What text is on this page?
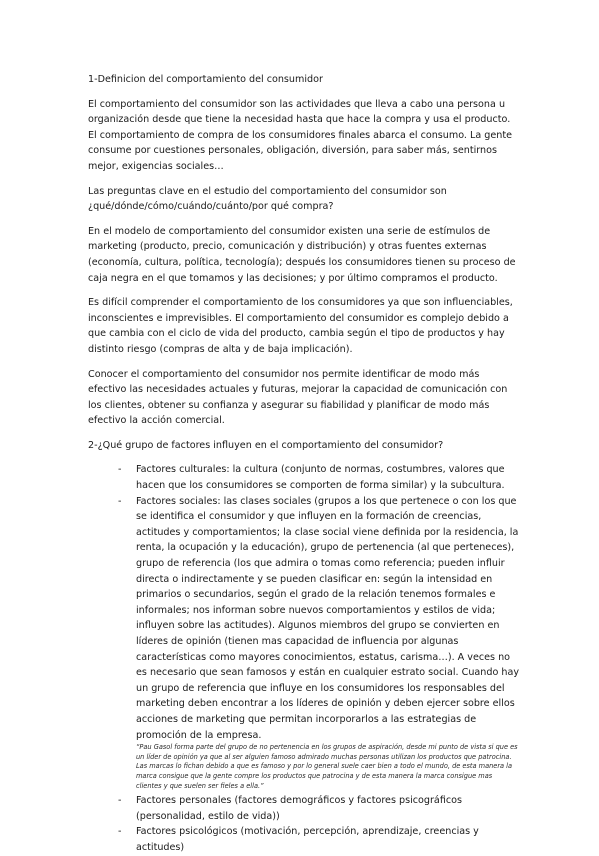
1-Definicion del comportamiento del consumidor

El comportamiento del consumidor son las actividades que lleva a cabo una persona u organización desde que tiene la necesidad hasta que hace la compra y usa el producto. El comportamiento de compra de los consumidores finales abarca el consumo. La gente consume por cuestiones personales, obligación, diversión, para saber más, sentirnos mejor, exigencias sociales…

Las preguntas clave en el estudio del comportamiento del consumidor son ¿qué/dónde/cómo/cuándo/cuánto/por qué compra?

En el modelo de comportamiento del consumidor existen una serie de estímulos de marketing (producto, precio, comunicación y distribución) y otras fuentes externas (economía, cultura, política, tecnología); después los consumidores tienen su proceso de caja negra en el que tomamos y las decisiones; y por último compramos el producto.

Es difícil comprender el comportamiento de los consumidores ya que son influenciables, inconscientes e imprevisibles. El comportamiento del consumidor es complejo debido a que cambia con el ciclo de vida del producto, cambia según el tipo de productos y hay distinto riesgo (compras de alta y de baja implicación).

Conocer el comportamiento del consumidor nos permite identificar de modo más efectivo las necesidades actuales y futuras, mejorar la capacidad de comunicación con los clientes, obtener su confianza y asegurar su fiabilidad y planificar de modo más efectivo la acción comercial.

2-¿Qué grupo de factores influyen en el comportamiento del consumidor?
- Factores culturales: la cultura (conjunto de normas, costumbres, valores que hacen que los consumidores se comporten de forma similar) y la subcultura.
- Factores sociales: las clases sociales (grupos a los que pertenece o con los que se identifica el consumidor y que influyen en la formación de creencias, actitudes y comportamientos; la clase social viene definida por la residencia, la renta, la ocupación y la educación), grupo de pertenencia (al que perteneces), grupo de referencia (los que admira o tomas como referencia; pueden influir directa o indirectamente y se pueden clasificar en: según la intensidad en primarios o secundarios, según el grado de la relación tenemos formales e informales; nos informan sobre nuevos comportamientos y estilos de vida; influyen sobre las actitudes). Algunos miembros del grupo se convierten en líderes de opinión (tienen mas capacidad de influencia por algunas características como mayores conocimientos, estatus, carisma…). A veces no es necesario que sean famosos y están en cualquier estrato social. Cuando hay un grupo de referencia que influye en los consumidores los responsables del marketing deben encontrar a los líderes de opinión y deben ejercer sobre ellos acciones de marketing que permitan incorporarlos a las estrategias de promoción de la empresa.
“Pau Gasol forma parte del grupo de no pertenencia en los grupos de aspiración, desde mi punto de vista si que es un líder de opinión ya que al ser alguien famoso admirado muchas personas utilizan los productos que patrocina. Las marcas lo fichan debido a que es famoso y por lo general suele caer bien a todo el mundo, de esta manera la marca consigue que la gente compre los productos que patrocina y de esta manera la marca consigue mas clientes y que suelen ser fieles a ella.”
- Factores personales (factores demográficos y factores psicográficos (personalidad, estilo de vida))
- Factores psicológicos (motivación, percepción, aprendizaje, creencias y actitudes)
